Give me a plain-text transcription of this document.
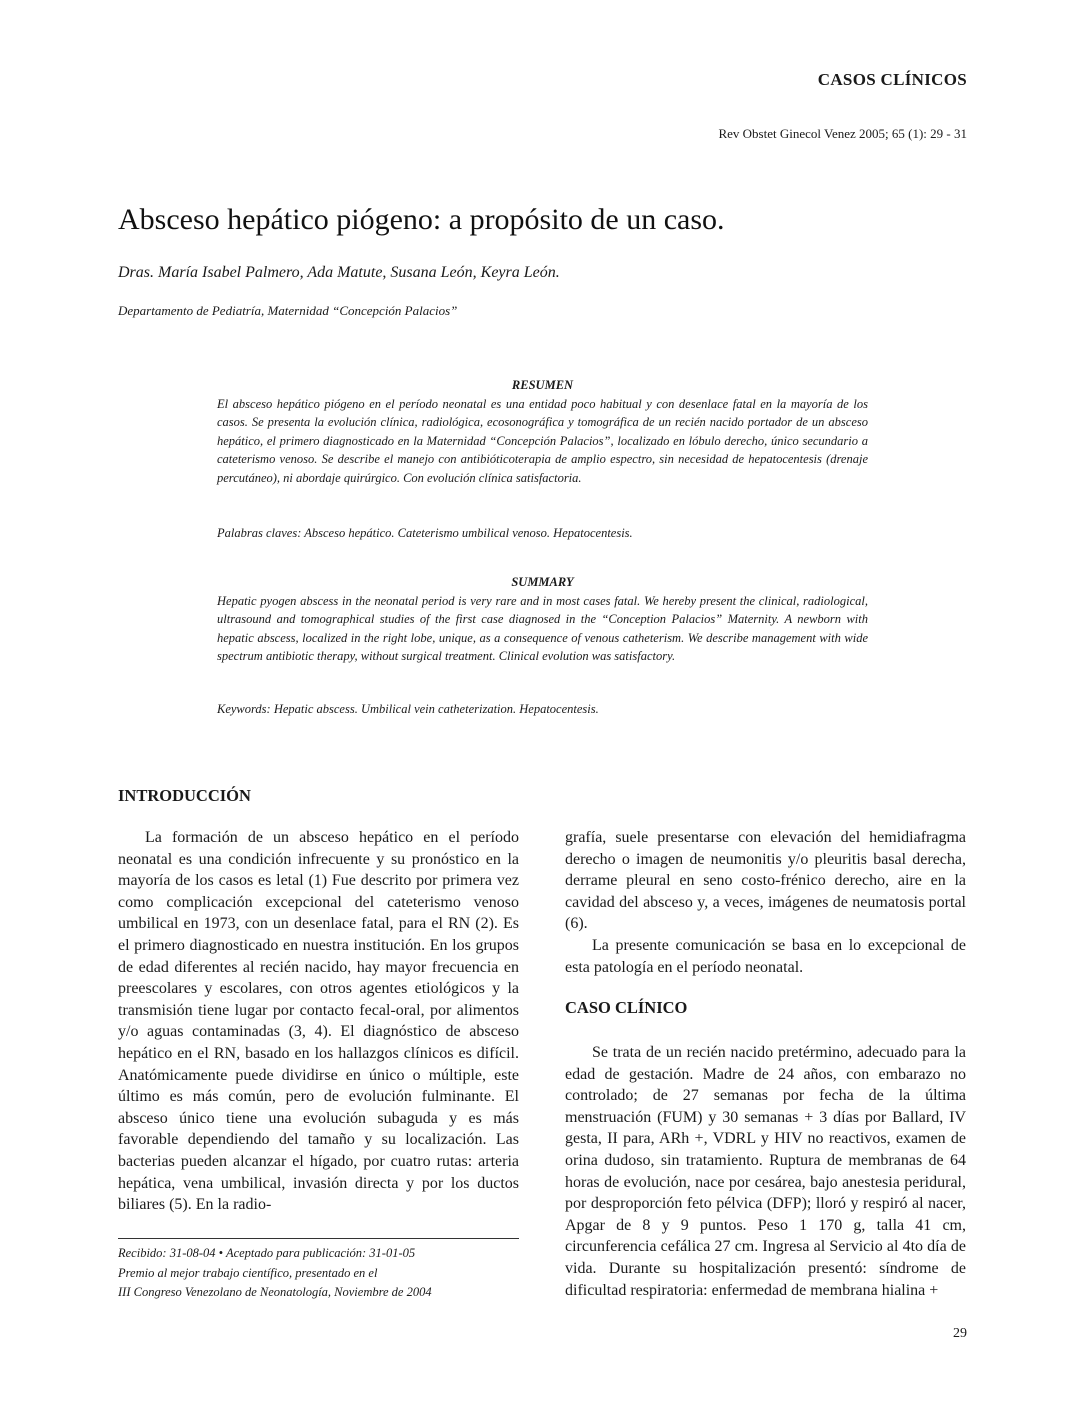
CASOS CLÍNICOS
Rev Obstet Ginecol Venez 2005; 65 (1): 29 - 31
Absceso hepático piógeno: a propósito de un caso.
Dras. María Isabel Palmero, Ada Matute, Susana León, Keyra León.
Departamento de Pediatría, Maternidad “Concepción Palacios”

RESUMEN

El absceso hepático piógeno en el período neonatal es una entidad poco habitual y con desenlace fatal en la mayoría de los casos. Se presenta la evolución clínica, radiológica, ecosonográfica y tomográfica de un recién nacido portador de un absceso hepático, el primero diagnosticado en la Maternidad “Concepción Palacios”, localizado en lóbulo derecho, único secundario a cateterismo venoso. Se describe el manejo con antibióticoterapia de amplio espectro, sin necesidad de hepatocentesis (drenaje percutáneo), ni abordaje quirúrgico. Con evolución clínica satisfactoria.

Palabras claves: Absceso hepático. Cateterismo umbilical venoso. Hepatocentesis.

SUMMARY

Hepatic pyogen abscess in the neonatal period is very rare and in most cases fatal. We hereby present the clinical, radiological, ultrasound and tomographical studies of the first case diagnosed in the “Conception Palacios” Maternity. A newborn with hepatic abscess, localized in the right lobe, unique, as a consequence of venous catheterism. We describe management with wide spectrum antibiotic therapy, without surgical treatment. Clinical evolution was satisfactory.

Keywords: Hepatic abscess. Umbilical vein catheterization. Hepatocentesis.
INTRODUCCIÓN

La formación de un absceso hepático en el período neonatal es una condición infrecuente y su pronóstico en la mayoría de los casos es letal (1) Fue descrito por primera vez como complicación excepcional del cateterismo venoso umbilical en 1973, con un desenlace fatal, para el RN (2). Es el primero diagnosticado en nuestra institución. En los grupos de edad diferentes al recién nacido, hay mayor frecuencia en preescolares y escolares, con otros agentes etiológicos y la transmisión tiene lugar por contacto fecal-oral, por alimentos y/o aguas contaminadas (3, 4). El diagnóstico de absceso hepático en el RN, basado en los hallazgos clínicos es difícil. Anatómicamente puede dividirse en único o múltiple, este último es más común, pero de evolución fulminante. El absceso único tiene una evolución subaguda y es más favorable dependiendo del tamaño y su localización. Las bacterias pueden alcanzar el hígado, por cuatro rutas: arteria hepática, vena umbilical, invasión directa y por los ductos biliares (5). En la radio-

grafía, suele presentarse con elevación del hemidiafragma derecho o imagen de neumonitis y/o pleuritis basal derecha, derrame pleural en seno costo-frénico derecho, aire en la cavidad del absceso y, a veces, imágenes de neumatosis portal (6).

La presente comunicación se basa en lo excepcional de esta patología en el período neonatal.

CASO CLÍNICO

Se trata de un recién nacido pretérmino, adecuado para la edad de gestación. Madre de 24 años, con embarazo no controlado; de 27 semanas por fecha de la última menstruación (FUM) y 30 semanas + 3 días por Ballard, IV gesta, II para, ARh +, VDRL y HIV no reactivos, examen de orina dudoso, sin tratamiento. Ruptura de membranas de 64 horas de evolución, nace por cesárea, bajo anestesia peridural, por desproporción feto pélvica (DFP); lloró y respiró al nacer, Apgar de 8 y 9 puntos. Peso 1 170 g, talla 41 cm, circunferencia cefálica 27 cm. Ingresa al Servicio al 4to día de vida. Durante su hospitalización presentó: síndrome de dificultad respiratoria: enfermedad de membrana hialina +

Recibido: 31-08-04 • Aceptado para publicación: 31-01-05
Premio al mejor trabajo científico, presentado en el
III Congreso Venezolano de Neonatología, Noviembre de 2004
29
